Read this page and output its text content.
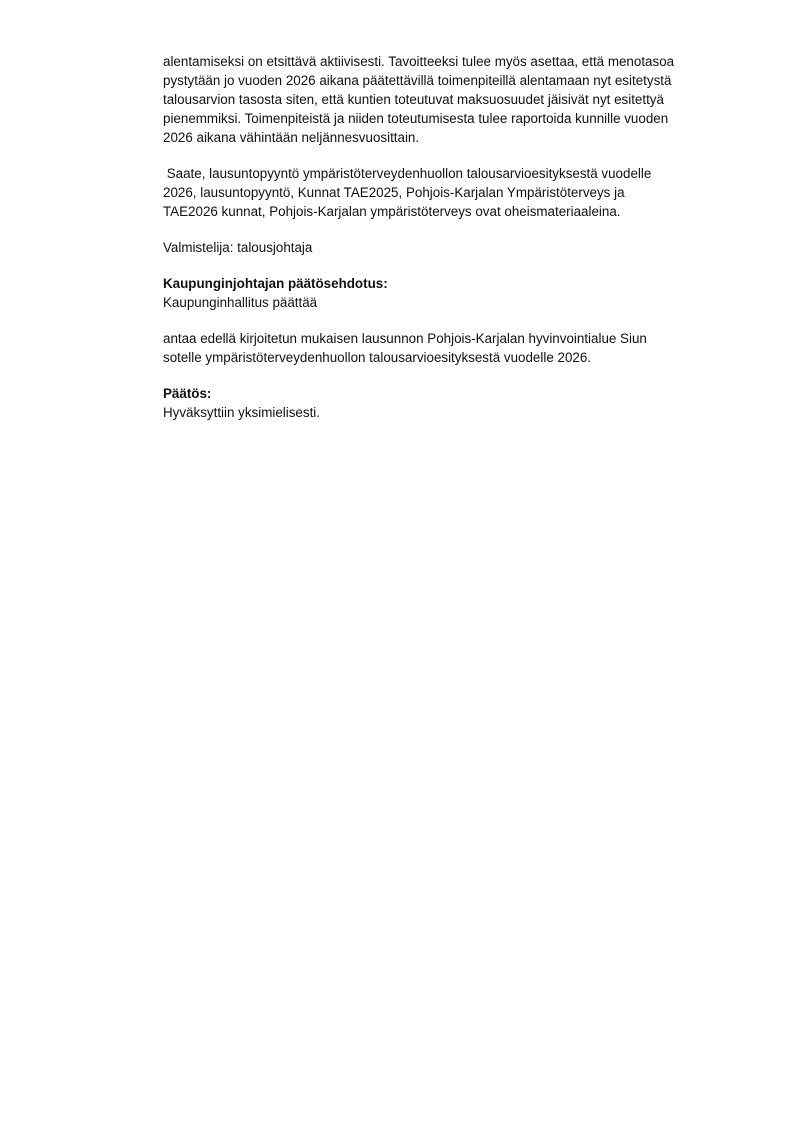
alentamiseksi on etsittävä aktiivisesti. Tavoitteeksi tulee myös asettaa, että menotasoa
pystytään jo vuoden 2026 aikana päätettävillä toimenpiteillä alentamaan nyt esitetystä
talousarvion tasosta siten, että kuntien toteutuvat maksuosuudet jäisivät nyt esitettyä
pienemmiksi. Toimenpiteistä ja niiden toteutumisesta tulee raportoida kunnille vuoden
2026 aikana vähintään neljännesvuosittain.

Saate, lausuntopyyntö ympäristöterveydenhuollon talousarvioesityksestä vuodelle
2026, lausuntopyyntö, Kunnat TAE2025, Pohjois-Karjalan Ympäristöterveys ja
TAE2026 kunnat, Pohjois-Karjalan ympäristöterveys ovat oheismateriaaleina.

Valmistelija: talousjohtaja

Kaupunginjohtajan päätösehdotus:
Kaupunginhallitus päättää

antaa edellä kirjoitetun mukaisen lausunnon Pohjois-Karjalan hyvinvointialue Siun
sotelle ympäristöterveydenhuollon talousarvioesityksestä vuodelle 2026.

Päätös:
Hyväksyttiin yksimielisesti.
